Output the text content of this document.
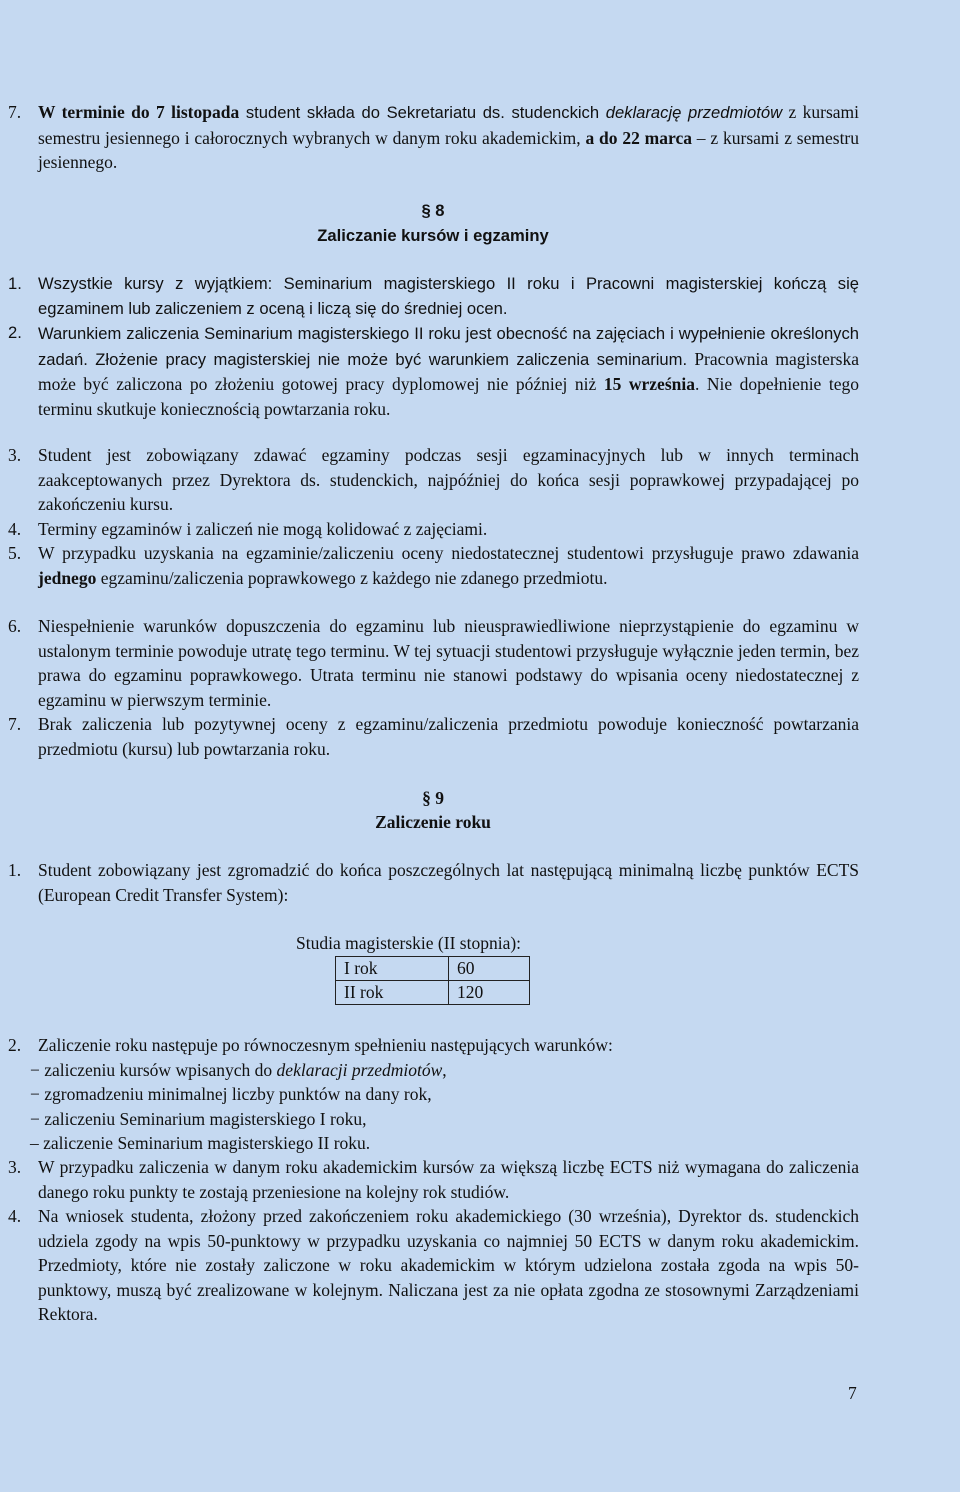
7. W terminie do 7 listopada student składa do Sekretariatu ds. studenckich deklarację przedmiotów z kursami semestru jesiennego i całorocznych wybranych w danym roku akademickim, a do 22 marca – z kursami z semestru jesiennego.
§ 8
Zaliczanie kursów i egzaminy
1. Wszystkie kursy z wyjątkiem: Seminarium magisterskiego II roku i Pracowni magisterskiej kończą się egzaminem lub zaliczeniem z oceną i liczą się do średniej ocen.
2. Warunkiem zaliczenia Seminarium magisterskiego II roku jest obecność na zajęciach i wypełnienie określonych zadań. Złożenie pracy magisterskiej nie może być warunkiem zaliczenia seminarium. Pracownia magisterska może być zaliczona po złożeniu gotowej pracy dyplomowej nie później niż 15 września. Nie dopełnienie tego terminu skutkuje koniecznością powtarzania roku.
3. Student jest zobowiązany zdawać egzaminy podczas sesji egzaminacyjnych lub w innych terminach zaakceptowanych przez Dyrektora ds. studenckich, najpóźniej do końca sesji poprawkowej przypadającej po zakończeniu kursu.
4. Terminy egzaminów i zaliczeń nie mogą kolidować z zajęciami.
5. W przypadku uzyskania na egzaminie/zaliczeniu oceny niedostatecznej studentowi przysługuje prawo zdawania jednego egzaminu/zaliczenia poprawkowego z każdego nie zdanego przedmiotu.
6. Niespełnienie warunków dopuszczenia do egzaminu lub nieusprawiedliwione nieprzystąpienie do egzaminu w ustalonym terminie powoduje utratę tego terminu. W tej sytuacji studentowi przysługuje wyłącznie jeden termin, bez prawa do egzaminu poprawkowego. Utrata terminu nie stanowi podstawy do wpisania oceny niedostatecznej z egzaminu w pierwszym terminie.
7. Brak zaliczenia lub pozytywnej oceny z egzaminu/zaliczenia przedmiotu powoduje konieczność powtarzania przedmiotu (kursu) lub powtarzania roku.
§ 9
Zaliczenie roku
1. Student zobowiązany jest zgromadzić do końca poszczególnych lat następującą minimalną liczbę punktów ECTS (European Credit Transfer System):
Studia magisterskie (II stopnia):
I rok	60
II rok	120
2. Zaliczenie roku następuje po równoczesnym spełnieniu następujących warunków:
− zaliczeniu kursów wpisanych do deklaracji przedmiotów,
− zgromadzeniu minimalnej liczby punktów na dany rok,
− zaliczeniu Seminarium magisterskiego I roku,
– zaliczenie Seminarium magisterskiego II roku.
3. W przypadku zaliczenia w danym roku akademickim kursów za większą liczbę ECTS niż wymagana do zaliczenia danego roku punkty te zostają przeniesione na kolejny rok studiów.
4. Na wniosek studenta, złożony przed zakończeniem roku akademickiego (30 września), Dyrektor ds. studenckich udziela zgody na wpis 50-punktowy w przypadku uzyskania co najmniej 50 ECTS w danym roku akademickim. Przedmioty, które nie zostały zaliczone w roku akademickim w którym udzielona została zgoda na wpis 50-punktowy, muszą być zrealizowane w kolejnym. Naliczana jest za nie opłata zgodna ze stosownymi Zarządzeniami Rektora.
7
